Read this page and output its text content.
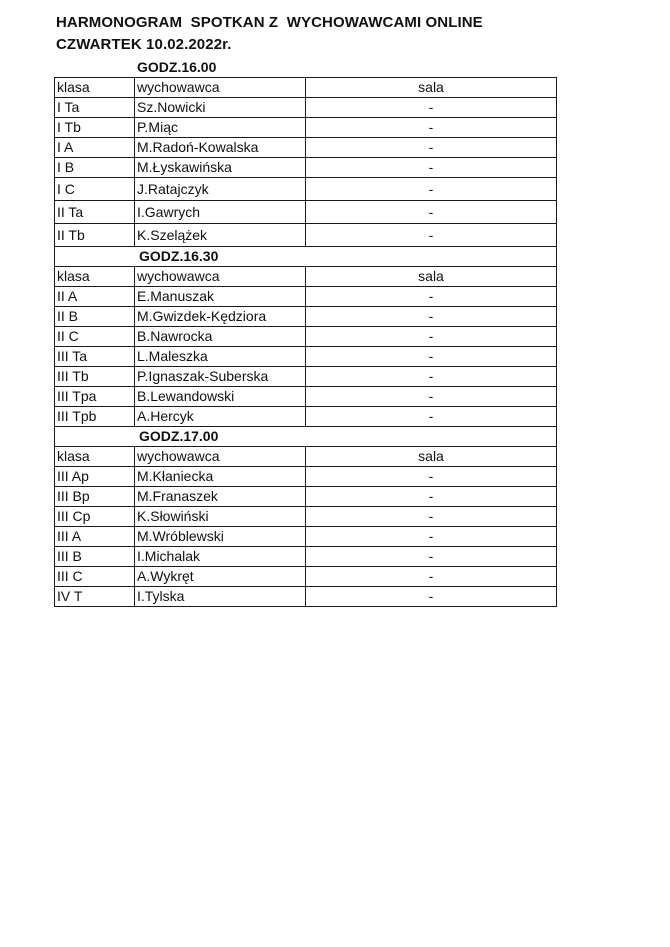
HARMONOGRAM  SPOTKAN Z  WYCHOWAWCAMI ONLINE
CZWARTEK 10.02.2022r.
GODZ.16.00
klasa	wychowawca	sala
I Ta	Sz.Nowicki	-
I Tb	P.Miąc	-
I A	M.Radoń-Kowalska	-
I B	M.Łyskawińska	-
I C	J.Ratajczyk	-
II Ta	I.Gawrych	-
II Tb	K.Szelążek	-
GODZ.16.30		
klasa	wychowawca	sala
II A	E.Manuszak	-
II B	M.Gwizdek-Kędziora	-
II C	B.Nawrocka	-
III Ta	L.Maleszka	-
III Tb	P.Ignaszak-Suberska	-
III Tpa	B.Lewandowski	-
III Tpb	A.Hercyk	-
GODZ.17.00		
klasa	wychowawca	sala
III Ap	M.Kłaniecka	-
III Bp	M.Franaszek	-
III Cp	K.Słowiński	-
III A	M.Wróblewski	-
III B	I.Michalak	-
III C	A.Wykręt	-
IV T	I.Tylska	-
